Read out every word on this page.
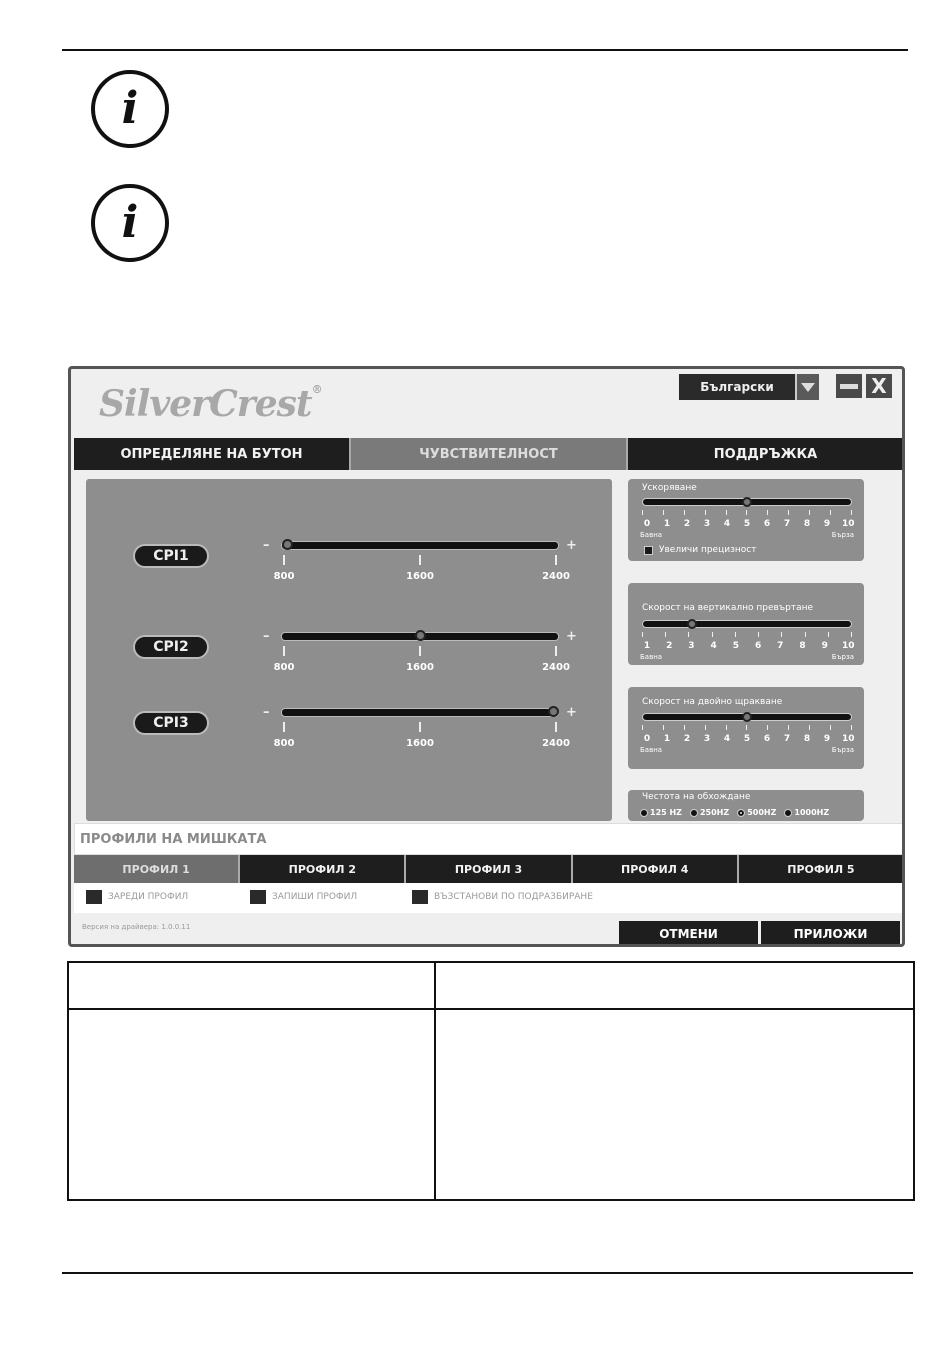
i
i
SilverCrest®	Български	X
ОПРЕДЕЛЯНЕ НА БУТОН	ЧУВСТВИТЕЛНОСТ	ПОДДРЪЖКА
CPI1
–	+
800	1600	2400
CPI2
–	+
800	1600	2400
CPI3
–	+
800	1600	2400
Ускоряване
0 1 2 3 4 5 6 7 8 9 10
Бавна	Бърза
Увеличи прецизност
Скорост на вертикално превъртане
1 2 3 4 5 6 7 8 9 10
Бавна	Бърза
Скорост на двойно щракване
0 1 2 3 4 5 6 7 8 9 10
Бавна	Бърза
Честота на обхождане
125 HZ 250HZ 500HZ 1000HZ
ПРОФИЛИ НА МИШКАТА
ПРОФИЛ 1	ПРОФИЛ 2	ПРОФИЛ 3	ПРОФИЛ 4	ПРОФИЛ 5
ЗАРЕДИ ПРОФИЛ	ЗАПИШИ ПРОФИЛ	ВЪЗСТАНОВИ ПО ПОДРАЗБИРАНЕ
Версия на драйвера: 1.0.0.11	ОТМЕНИ	ПРИЛОЖИ
